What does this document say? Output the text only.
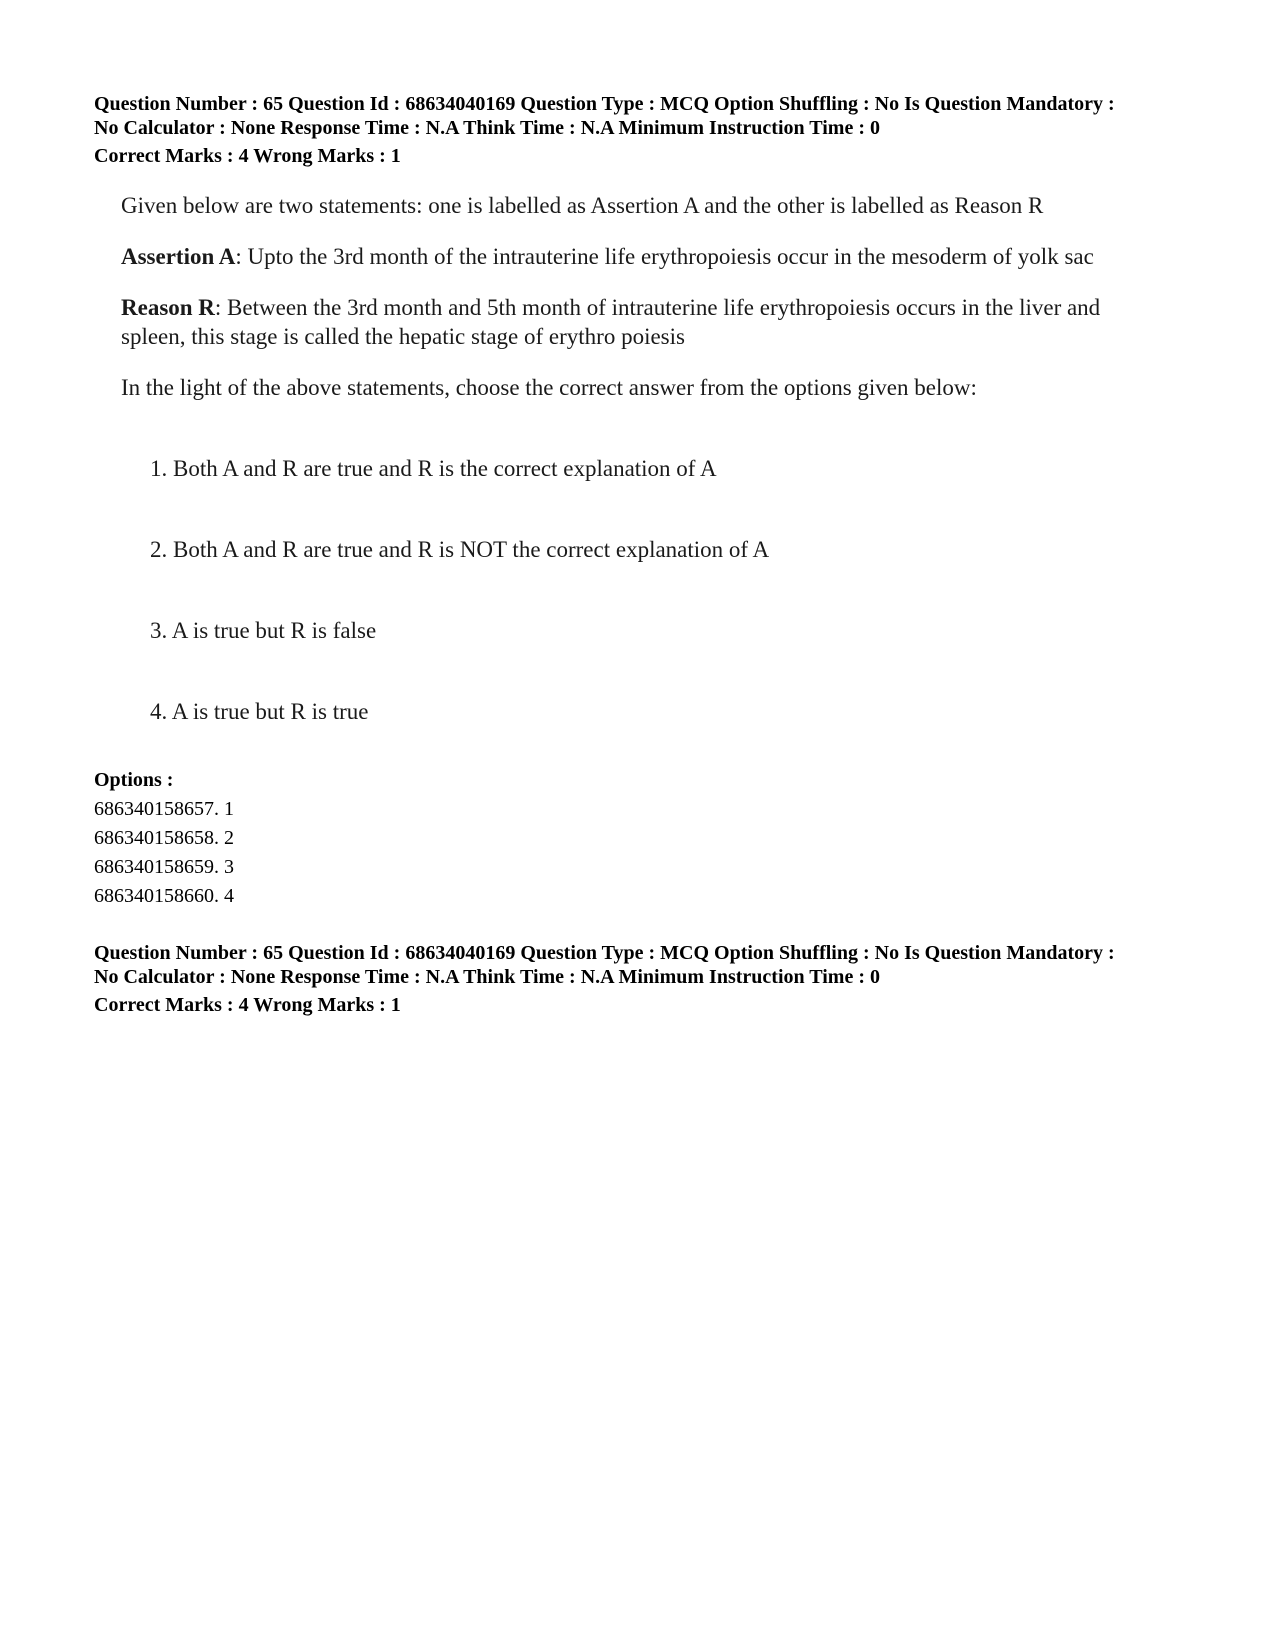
Question Number : 65 Question Id : 68634040169 Question Type : MCQ Option Shuffling : No Is Question Mandatory :
No Calculator : None Response Time : N.A Think Time : N.A Minimum Instruction Time : 0
Correct Marks : 4 Wrong Marks : 1
Given below are two statements: one is labelled as Assertion A and the other is labelled as Reason R
Assertion A: Upto the 3rd month of the intrauterine life erythropoiesis occur in the mesoderm of yolk sac
Reason R: Between the 3rd month and 5th month of intrauterine life erythropoiesis occurs in the liver and spleen, this stage is called the hepatic stage of erythro poiesis
In the light of the above statements, choose the correct answer from the options given below:
1. Both A and R are true and R is the correct explanation of A
2. Both A and R are true and R is NOT the correct explanation of A
3. A is true but R is false
4. A is true but R is true
Options :
686340158657. 1
686340158658. 2
686340158659. 3
686340158660. 4
Question Number : 65 Question Id : 68634040169 Question Type : MCQ Option Shuffling : No Is Question Mandatory :
No Calculator : None Response Time : N.A Think Time : N.A Minimum Instruction Time : 0
Correct Marks : 4 Wrong Marks : 1
